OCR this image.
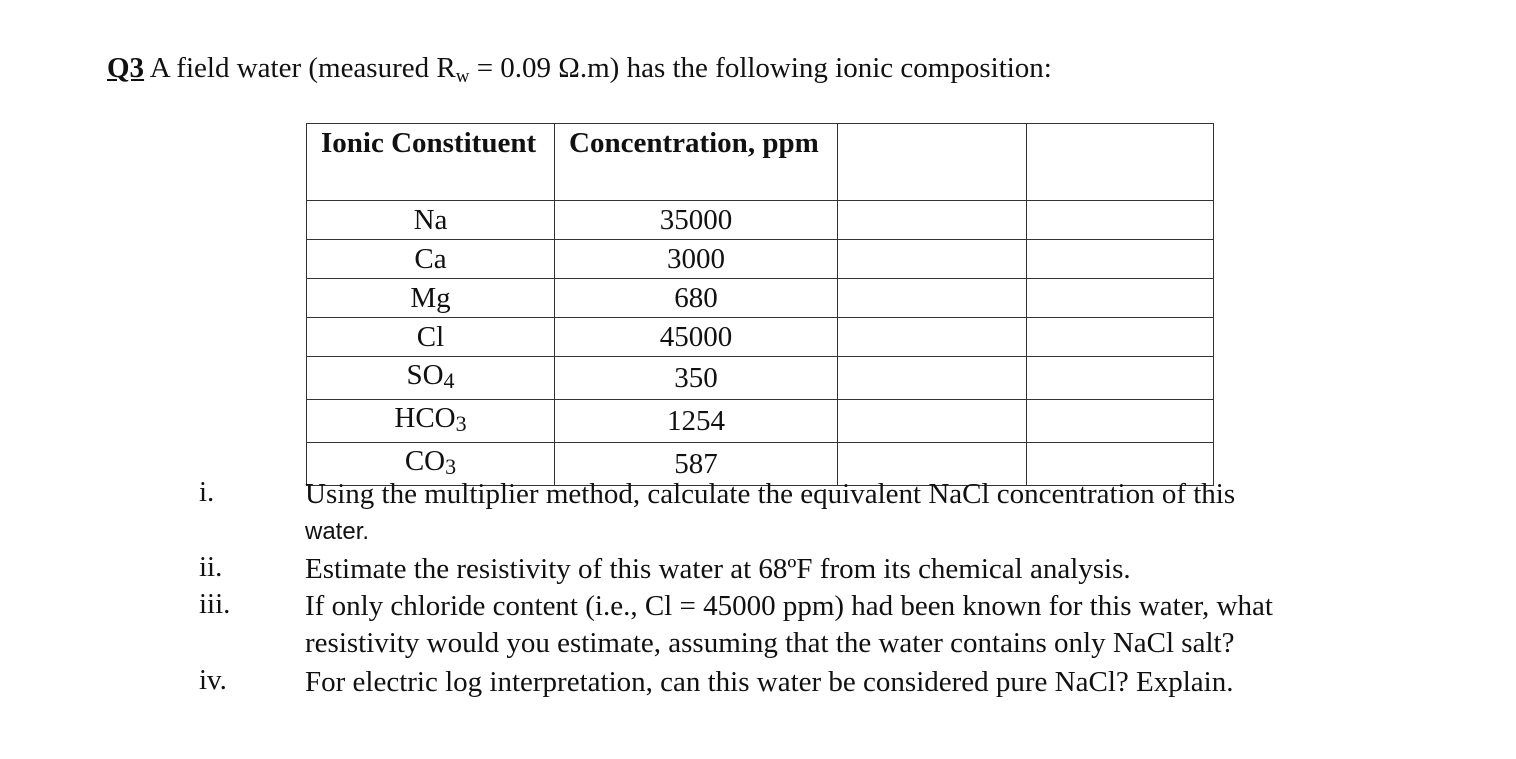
Q3 A field water (measured $R_w = 0.09$ Ω.m) has the following ionic composition:
Ionic Constituent	Concentration, ppm		
Na	35000		
Ca	3000		
Mg	680		
Cl	45000		
SO4	350		
HCO3	1254		
CO3	587		
i.	Using the multiplier method, calculate the equivalent NaCl concentration of this
water.
ii.	Estimate the resistivity of this water at 68ºF from its chemical analysis.
iii.	If only chloride content (i.e., Cl = 45000 ppm) had been known for this water, what resistivity would you estimate, assuming that the water contains only NaCl salt?
iv.	For electric log interpretation, can this water be considered pure NaCl? Explain.
